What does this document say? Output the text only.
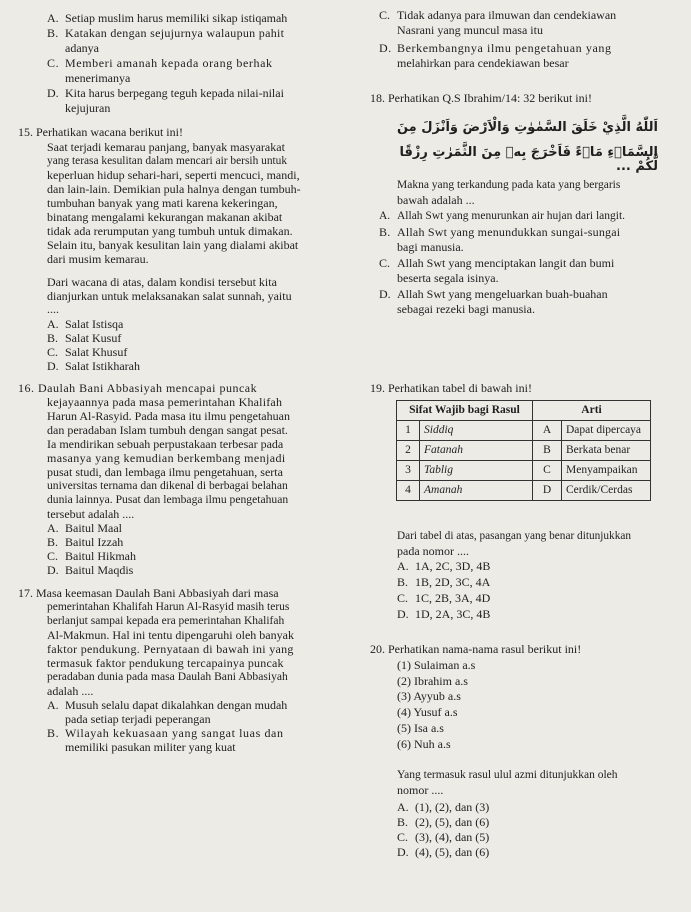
A. Setiap muslim harus memiliki sikap istiqamah
B. Katakan dengan sejujurnya walaupun pahit
adanya
C. Memberi amanah kepada orang berhak
menerimanya
D. Kita harus berpegang teguh kepada nilai-nilai
kejujuran
15. Perhatikan wacana berikut ini!
Saat terjadi kemarau panjang, banyak masyarakat
yang terasa kesulitan dalam mencari air bersih untuk
keperluan hidup sehari-hari, seperti mencuci, mandi,
dan lain-lain. Demikian pula halnya dengan tumbuh-
tumbuhan banyak yang mati karena kekeringan,
binatang mengalami kekurangan makanan akibat
tidak ada rerumputan yang tumbuh untuk dimakan.
Selain itu, banyak kesulitan lain yang dialami akibat
dari musim kemarau.
Dari wacana di atas, dalam kondisi tersebut kita
dianjurkan untuk melaksanakan salat sunnah, yaitu
....
A. Salat Istisqa
B. Salat Kusuf
C. Salat Khusuf
D. Salat Istikharah
16. Daulah Bani Abbasiyah mencapai puncak
kejayaannya pada masa pemerintahan Khalifah
Harun Al-Rasyid. Pada masa itu ilmu pengetahuan
dan peradaban Islam tumbuh dengan sangat pesat.
Ia mendirikan sebuah perpustakaan terbesar pada
masanya yang kemudian berkembang menjadi
pusat studi, dan lembaga ilmu pengetahuan, serta
universitas ternama dan dikenal di berbagai belahan
dunia lainnya. Pusat dan lembaga ilmu pengetahuan
tersebut adalah ....
A. Baitul Maal
B. Baitul Izzah
C. Baitul Hikmah
D. Baitul Maqdis
17. Masa keemasan Daulah Bani Abbasiyah dari masa
pemerintahan Khalifah Harun Al-Rasyid masih terus
berlanjut sampai kepada era pemerintahan Khalifah
Al-Makmun. Hal ini tentu dipengaruhi oleh banyak
faktor pendukung. Pernyataan di bawah ini yang
termasuk faktor pendukung tercapainya puncak
peradaban dunia pada masa Daulah Bani Abbasiyah
adalah ....
A. Musuh selalu dapat dikalahkan dengan mudah
pada setiap terjadi peperangan
B. Wilayah kekuasaan yang sangat luas dan
memiliki pasukan militer yang kuat
C. Tidak adanya para ilmuwan dan cendekiawan
Nasrani yang muncul masa itu
D. Berkembangnya ilmu pengetahuan yang
melahirkan para cendekiawan besar
18. Perhatikan Q.S Ibrahim/14: 32 berikut ini!
اَللّٰهُ الَّذِيْ خَلَقَ السَّمٰوٰتِ وَالْاَرْضَ وَاَنْزَلَ مِنَ
السَّمَاۤءِ مَاۤءً فَاَخْرَجَ بِهٖ مِنَ الثَّمَرٰتِ رِزْقًا لَّكُمْ ...
Makna yang terkandung pada kata yang bergaris
bawah adalah ...
A. Allah Swt yang menurunkan air hujan dari langit.
B. Allah Swt yang menundukkan sungai-sungai
bagi manusia.
C. Allah Swt yang menciptakan langit dan bumi
beserta segala isinya.
D. Allah Swt yang mengeluarkan buah-buahan
sebagai rezeki bagi manusia.
19. Perhatikan tabel di bawah ini!
Sifat Wajib bagi Rasul		Arti	
1	Siddiq	A	Dapat dipercaya
2	Fatanah	B	Berkata benar
3	Tablig	C	Menyampaikan
4	Amanah	D	Cerdik/Cerdas
Dari tabel di atas, pasangan yang benar ditunjukkan
pada nomor ....
A. 1A, 2C, 3D, 4B
B. 1B, 2D, 3C, 4A
C. 1C, 2B, 3A, 4D
D. 1D, 2A, 3C, 4B
20. Perhatikan nama-nama rasul berikut ini!
(1) Sulaiman a.s
(2) Ibrahim a.s
(3) Ayyub a.s
(4) Yusuf a.s
(5) Isa a.s
(6) Nuh a.s
Yang termasuk rasul ulul azmi ditunjukkan oleh
nomor ....
A. (1), (2), dan (3)
B. (2), (5), dan (6)
C. (3), (4), dan (5)
D. (4), (5), dan (6)
